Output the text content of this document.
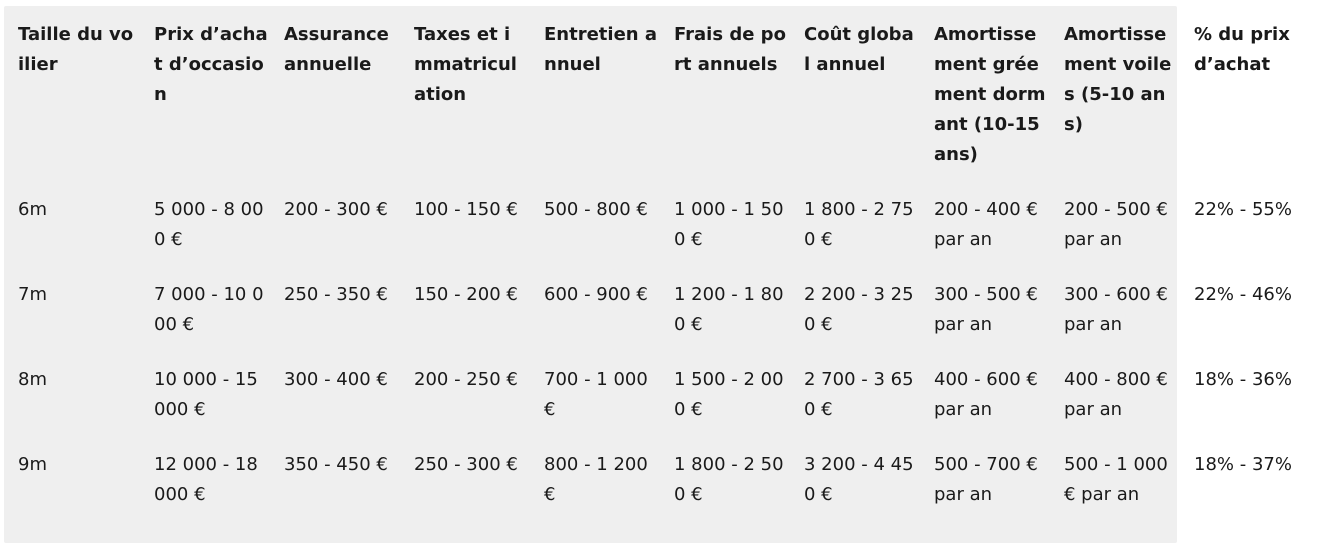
Taille du voilier	Prix d’achat d’occasion	Assurance annuelle	Taxes et immatriculation	Entretien annuel	Frais de port annuels	Coût global annuel	Amortissement gréement dormant (10-15 ans)	Amortissement voiles (5-10 ans)	% du prix d’achat
6m	5 000 - 8 000 €	200 - 300 €	100 - 150 €	500 - 800 €	1 000 - 1 500 €	1 800 - 2 750 €	200 - 400 € par an	200 - 500 € par an	22% - 55%
7m	7 000 - 10 000 €	250 - 350 €	150 - 200 €	600 - 900 €	1 200 - 1 800 €	2 200 - 3 250 €	300 - 500 € par an	300 - 600 € par an	22% - 46%
8m	10 000 - 15 000 €	300 - 400 €	200 - 250 €	700 - 1 000 €	1 500 - 2 000 €	2 700 - 3 650 €	400 - 600 € par an	400 - 800 € par an	18% - 36%
9m	12 000 - 18 000 €	350 - 450 €	250 - 300 €	800 - 1 200 €	1 800 - 2 500 €	3 200 - 4 450 €	500 - 700 € par an	500 - 1 000 € par an	18% - 37%
